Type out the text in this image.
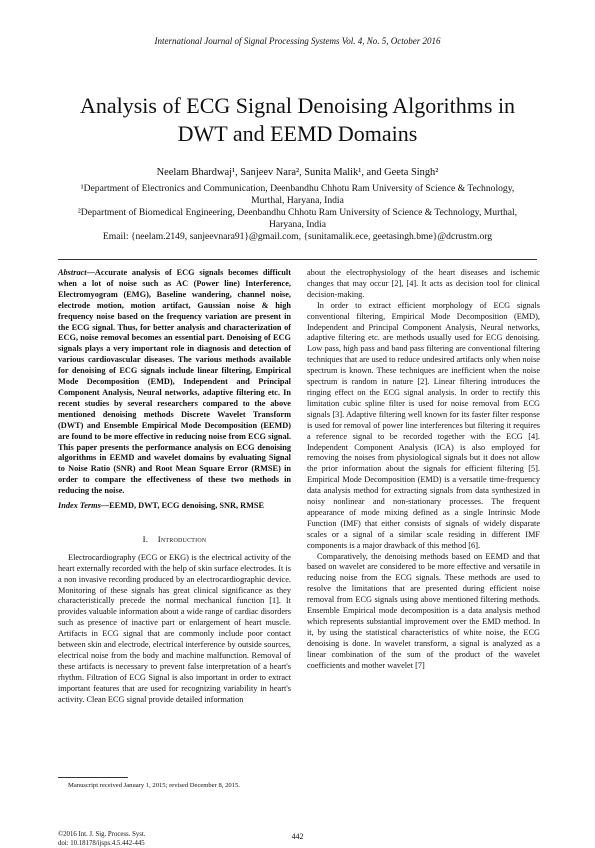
International Journal of Signal Processing Systems Vol. 4, No. 5, October 2016
Analysis of ECG Signal Denoising Algorithms in
DWT and EEMD Domains
Neelam Bhardwaj¹, Sanjeev Nara², Sunita Malik¹, and Geeta Singh²
¹Department of Electronics and Communication, Deenbandhu Chhotu Ram University of Science & Technology,
Murthal, Haryana, India
²Department of Biomedical Engineering, Deenbandhu Chhotu Ram University of Science & Technology, Murthal,
Haryana, India
Email: {neelam.2149, sanjeevnara91}@gmail.com, {sunitamalik.ece, geetasingh.bme}@dcrustm.org

Abstract—Accurate analysis of ECG signals becomes difficult when a lot of noise such as AC (Power line) Interference, Electromyogram (EMG), Baseline wandering, channel noise, electrode motion, motion artifact, Gaussian noise & high frequency noise based on the frequency variation are present in the ECG signal. Thus, for better analysis and characterization of ECG, noise removal becomes an essential part. Denoising of ECG signals plays a very important role in diagnosis and detection of various cardiovascular diseases. The various methods available for denoising of ECG signals include linear filtering, Empirical Mode Decomposition (EMD), Independent and Principal Component Analysis, Neural networks, adaptive filtering etc. In recent studies by several researchers compared to the above mentioned denoising methods Discrete Wavelet Transform (DWT) and Ensemble Empirical Mode Decomposition (EEMD) are found to be more effective in reducing noise from ECG signal. This paper presents the performance analysis on ECG denoising algorithms in EEMD and wavelet domains by evaluating Signal to Noise Ratio (SNR) and Root Mean Square Error (RMSE) in order to compare the effectiveness of these two methods in reducing the noise.

Index Terms—EEMD, DWT, ECG denoising, SNR, RMSE

I. Introduction

Electrocardiography (ECG or EKG) is the electrical activity of the heart externally recorded with the help of skin surface electrodes. It is a non invasive recording produced by an electrocardiographic device. Monitoring of these signals has great clinical significance as they characteristically precede the normal mechanical function [1]. It provides valuable information about a wide range of cardiac disorders such as presence of inactive part or enlargement of heart muscle. Artifacts in ECG signal that are commonly include poor contact between skin and electrode, electrical interference by outside sources, electrical noise from the body and machine malfunction. Removal of these artifacts is necessary to prevent false interpretation of a heart's rhythm. Filtration of ECG Signal is also important in order to extract important features that are used for recognizing variability in heart's activity. Clean ECG signal provide detailed information

about the electrophysiology of the heart diseases and ischemic changes that may occur [2], [4]. It acts as decision tool for clinical decision-making.

In order to extract efficient morphology of ECG signals conventional filtering, Empirical Mode Decomposition (EMD), Independent and Principal Component Analysis, Neural networks, adaptive filtering etc. are methods usually used for ECG denoising. Low pass, high pass and band pass filtering are conventional filtering techniques that are used to reduce undesired artifacts only when noise spectrum is known. These techniques are inefficient when the noise spectrum is random in nature [2]. Linear filtering introduces the ringing effect on the ECG signal analysis. In order to rectify this limitation cubic spline filter is used for noise removal from ECG signals [3]. Adaptive filtering well known for its faster filter response is used for removal of power line interferences but filtering it requires a reference signal to be recorded together with the ECG [4]. Independent Component Analysis (ICA) is also employed for removing the noises from physiological signals but it does not allow the prior information about the signals for efficient filtering [5]. Empirical Mode Decomposition (EMD) is a versatile time-frequency data analysis method for extracting signals from data synthesized in noisy nonlinear and non-stationary processes. The frequent appearance of mode mixing defined as a single Intrinsic Mode Function (IMF) that either consists of signals of widely disparate scales or a signal of a similar scale residing in different IMF components is a major drawback of this method [6].

Comparatively, the denoising methods based on EEMD and that based on wavelet are considered to be more effective and versatile in reducing noise from the ECG signals. These methods are used to resolve the limitations that are presented during efficient noise removal from ECG signals using above mentioned filtering methods. Ensemble Empirical mode decomposition is a data analysis method which represents substantial improvement over the EMD method. In it, by using the statistical characteristics of white noise, the ECG denoising is done. In wavelet transform, a signal is analyzed as a linear combination of the sum of the product of the wavelet coefficients and mother wavelet [7]

Manuscript received January 1, 2015; revised December 8, 2015.
©2016 Int. J. Sig. Process. Syst.
doi: 10.18178/ijsps.4.5.442-445
442
